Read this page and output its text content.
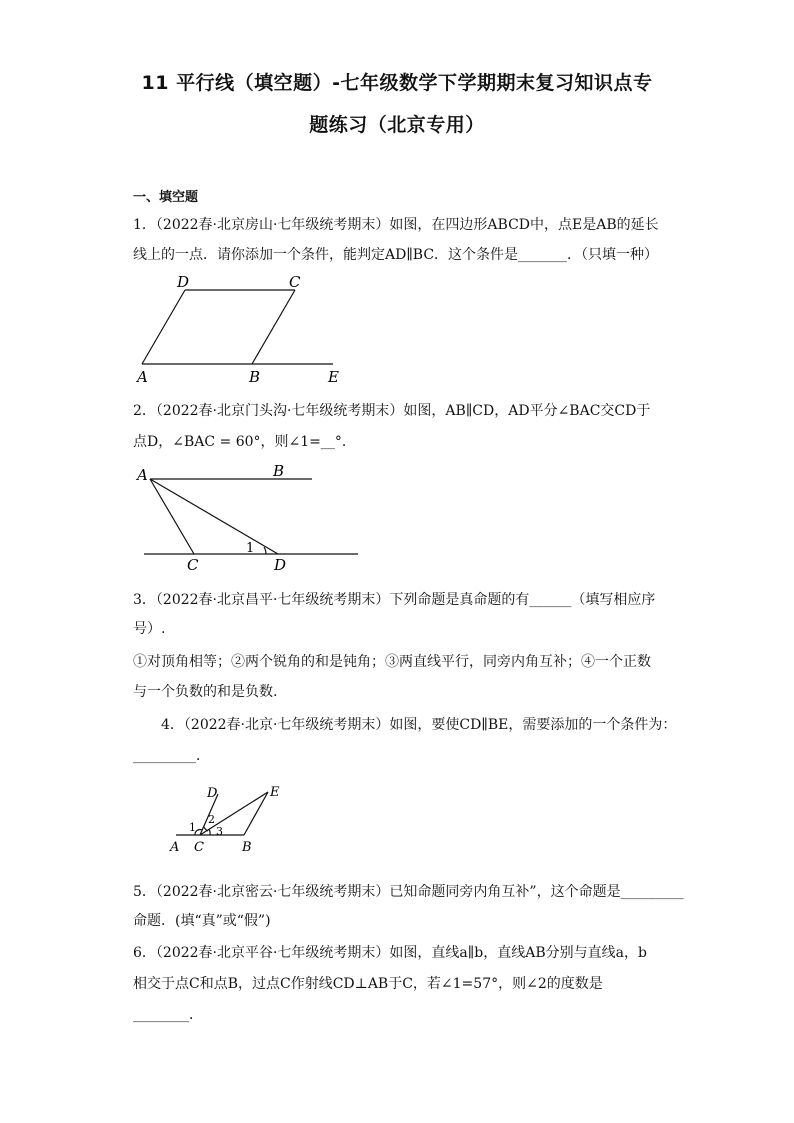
11 平行线（填空题）-七年级数学下学期期末复习知识点专
题练习（北京专用）
一、填空题
1．（2022春·北京房山·七年级统考期末）如图，在四边形ABCD中，点E是AB的延长
线上的一点．请你添加一个条件，能判定AD∥BC．这个条件是_______．（只填一种）
D	C
A	B	E
2．（2022春·北京门头沟·七年级统考期末）如图，AB∥CD，AD平分∠BAC交CD于
点D，∠BAC = 60°，则∠1=__°．
A	B
C	D
1
3．（2022春·北京昌平·七年级统考期末）下列命题是真命题的有______（填写相应序
号）.
①对顶角相等；②两个锐角的和是钝角；③两直线平行，同旁内角互补；④一个正数
与一个负数的和是负数.
4．（2022春·北京·七年级统考期末）如图，要使CD∥BE，需要添加的一个条件为：
_________．
D	E
A C	B
1
2
3
5．（2022春·北京密云·七年级统考期末）已知命题同旁内角互补”，这个命题是_________
命题．(填“真”或“假”)
6．（2022春·北京平谷·七年级统考期末）如图，直线a∥b，直线AB分别与直线a，b
相交于点C和点B，过点C作射线CD⊥AB于C，若∠1=57°，则∠2的度数是
________．
